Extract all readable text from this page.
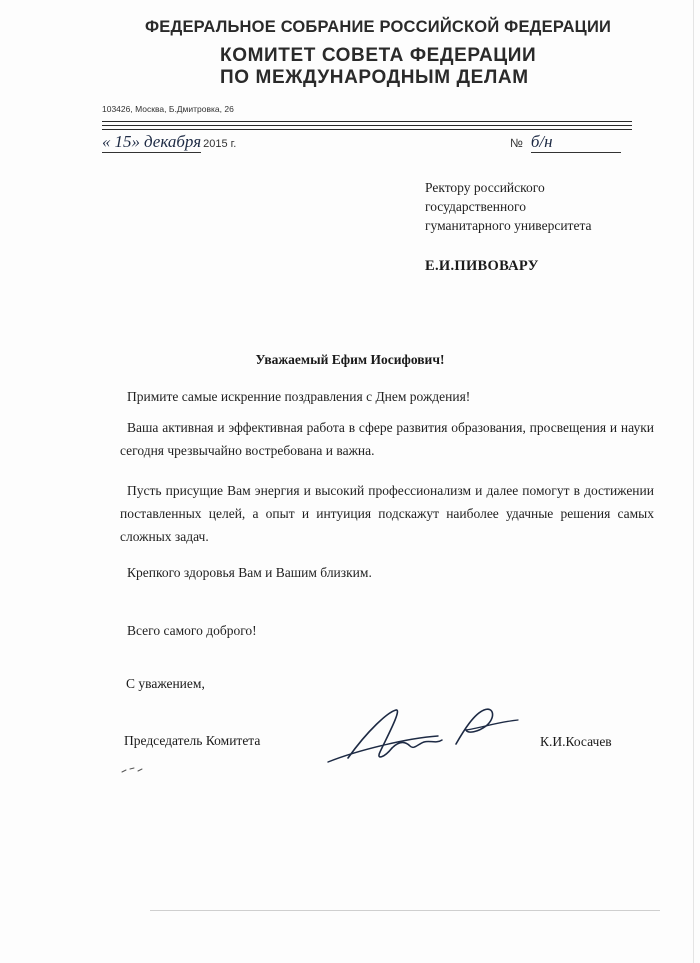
ФЕДЕРАЛЬНОЕ СОБРАНИЕ РОССИЙСКОЙ ФЕДЕРАЦИИ
КОМИТЕТ СОВЕТА ФЕДЕРАЦИИ
ПО МЕЖДУНАРОДНЫМ ДЕЛАМ
103426, Москва, Б.Дмитровка, 26
« 15» декабря 2015 г.	№ б/н
Ректору российского
государственного
гуманитарного университета
Е.И.ПИВОВАРУ
Уважаемый Ефим Иосифович!
Примите самые искренние поздравления с Днем рождения!
Ваша активная и эффективная работа в сфере развития образования, просвещения и науки сегодня чрезвычайно востребована и важна.
Пусть присущие Вам энергия и высокий профессионализм и далее помогут в достижении поставленных целей, а опыт и интуиция подскажут наиболее удачные решения самых сложных задач.
Крепкого здоровья Вам и Вашим близким.
Всего самого доброго!
С уважением,
Председатель Комитета	К.И.Косачев
